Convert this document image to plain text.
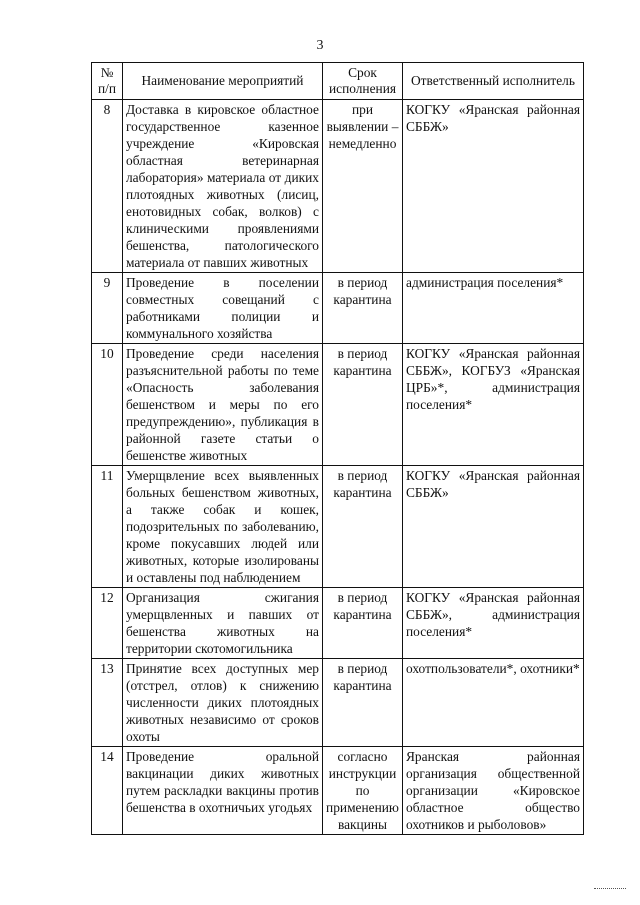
3
№ п/п	Наименование мероприятий	Срок исполнения	Ответственный исполнитель
8	Доставка в кировское областное государственное казенное учреждение «Кировская областная ветеринарная лаборатория» материала от диких плотоядных животных (лисиц, енотовидных собак, волков) с клиническими проявлениями бешенства, патологического материала от павших животных	при выявлении – немедленно	КОГКУ «Яранская районная СББЖ»
9	Проведение в поселении совместных совещаний с работниками полиции и коммунального хозяйства	в период карантина	администрация поселения*
10	Проведение среди населения разъяснительной работы по теме «Опасность заболевания бешенством и меры по его предупреждению», публикация в районной газете статьи о бешенстве животных	в период карантина	КОГКУ «Яранская районная СББЖ», КОГБУЗ «Яранская ЦРБ»*, администрация поселения*
11	Умерщвление всех выявленных больных бешенством животных, а также собак и кошек, подозрительных по заболеванию, кроме покусавших людей или животных, которые изолированы и оставлены под наблюдением	в период карантина	КОГКУ «Яранская районная СББЖ»
12	Организация сжигания умерщвленных и павших от бешенства животных на территории скотомогильника	в период карантина	КОГКУ «Яранская районная СББЖ», администрация поселения*
13	Принятие всех доступных мер (отстрел, отлов) к снижению численности диких плотоядных животных независимо от сроков охоты	в период карантина	охотпользователи*, охотники*
14	Проведение оральной вакцинации диких животных путем раскладки вакцины против бешенства в охотничьих угодьях	согласно инструкции по применению вакцины	Яранская районная организация общественной организации «Кировское областное общество охотников и рыболовов»
